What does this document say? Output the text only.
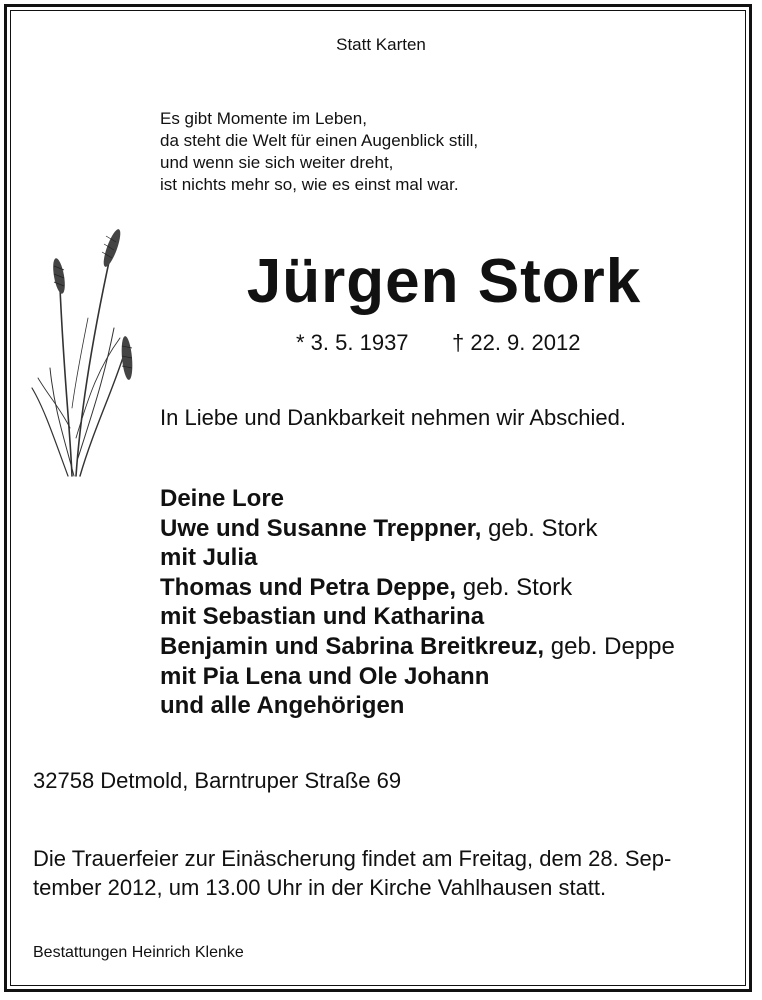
Statt Karten
Es gibt Momente im Leben,
da steht die Welt für einen Augenblick still,
und wenn sie sich weiter dreht,
ist nichts mehr so, wie es einst mal war.
Jürgen Stork
* 3. 5. 1937 † 22. 9. 2012
In Liebe und Dankbarkeit nehmen wir Abschied.
Deine Lore
Uwe und Susanne Treppner, geb. Stork
mit Julia
Thomas und Petra Deppe, geb. Stork
mit Sebastian und Katharina
Benjamin und Sabrina Breitkreuz, geb. Deppe
mit Pia Lena und Ole Johann
und alle Angehörigen
32758 Detmold, Barntruper Straße 69
Die Trauerfeier zur Einäscherung findet am Freitag, dem 28. Sep-
tember 2012, um 13.00 Uhr in der Kirche Vahlhausen statt.
Bestattungen Heinrich Klenke
